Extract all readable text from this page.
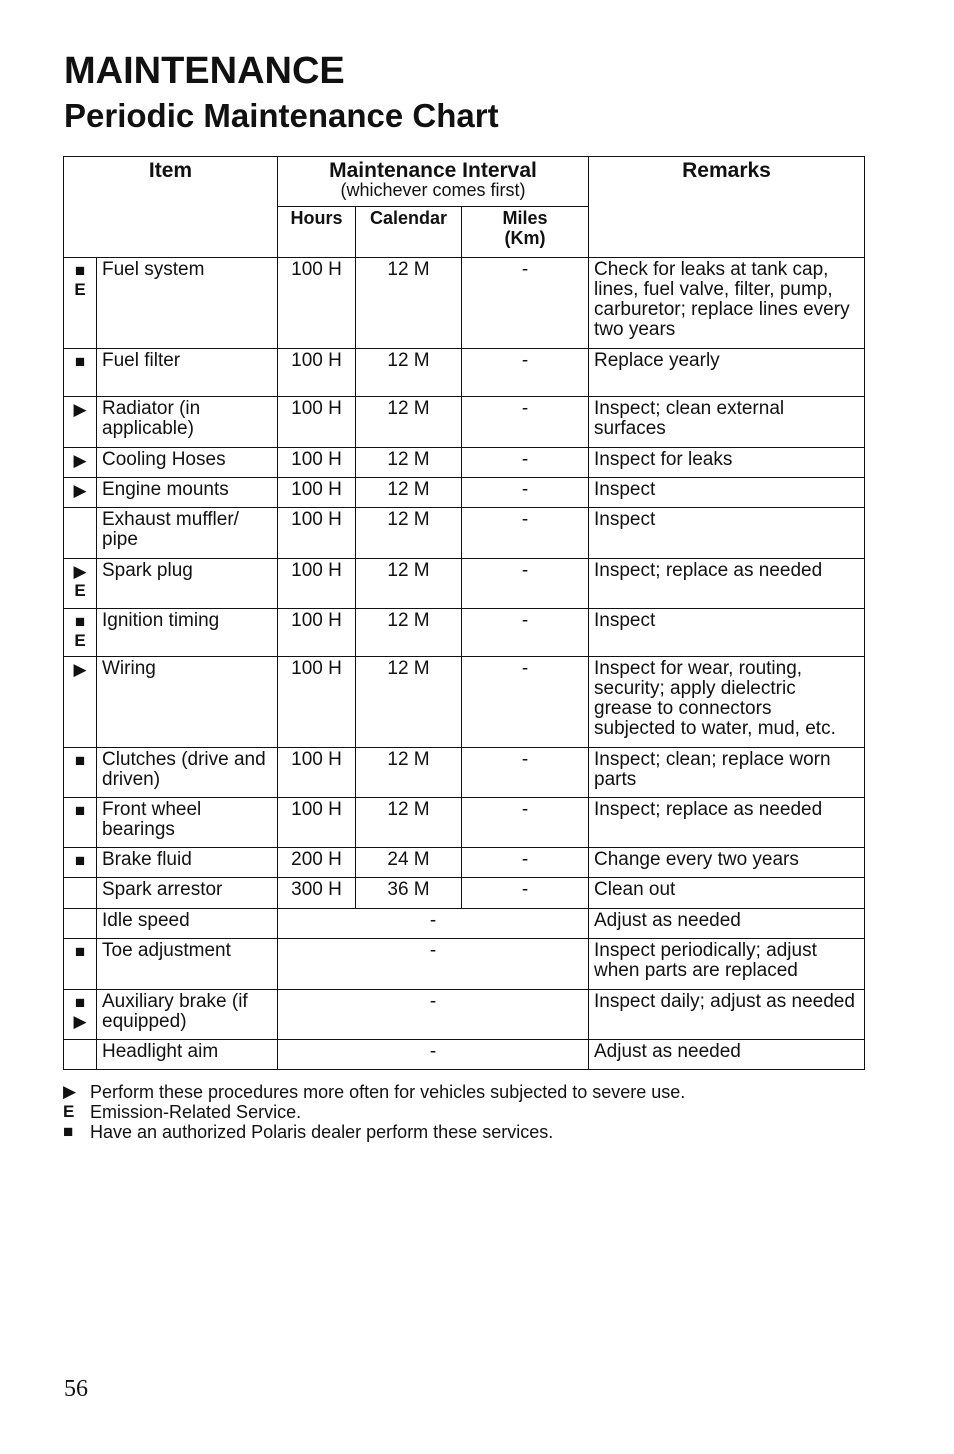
MAINTENANCE
Periodic Maintenance Chart
Item		Maintenance Interval
(whichever comes first)			Remarks
		Hours	Calendar	Miles
(Km)	

■
E	Fuel system	100 H	12 M	-	Check for leaks at tank cap, lines, fuel valve, filter, pump, carburetor; replace lines every two years

■	Fuel filter	100 H	12 M	-	Replace yearly

▶	Radiator (in applicable)	100 H	12 M	-	Inspect; clean external surfaces

▶	Cooling Hoses	100 H	12 M	-	Inspect for leaks

▶	Engine mounts	100 H	12 M	-	Inspect

	Exhaust muffler/ pipe	100 H	12 M	-	Inspect

▶
E	Spark plug	100 H	12 M	-	Inspect; replace as needed

■
E	Ignition timing	100 H	12 M	-	Inspect

▶	Wiring	100 H	12 M	-	Inspect for wear, routing, security; apply dielectric grease to connectors subjected to water, mud, etc.

■	Clutches (drive and driven)	100 H	12 M	-	Inspect; clean; replace worn parts

■	Front wheel bearings	100 H	12 M	-	Inspect; replace as needed

■	Brake fluid	200 H	24 M	-	Change every two years

	Spark arrestor	300 H	36 M	-	Clean out

	Idle speed	-			Adjust as needed

■	Toe adjustment	-			Inspect periodically; adjust when parts are replaced

■
▶	Auxiliary brake (if equipped)	-			Inspect daily; adjust as needed

	Headlight aim	-			Adjust as needed
▶ Perform these procedures more often for vehicles subjected to severe use.
E Emission-Related Service.
■ Have an authorized Polaris dealer perform these services.
56
